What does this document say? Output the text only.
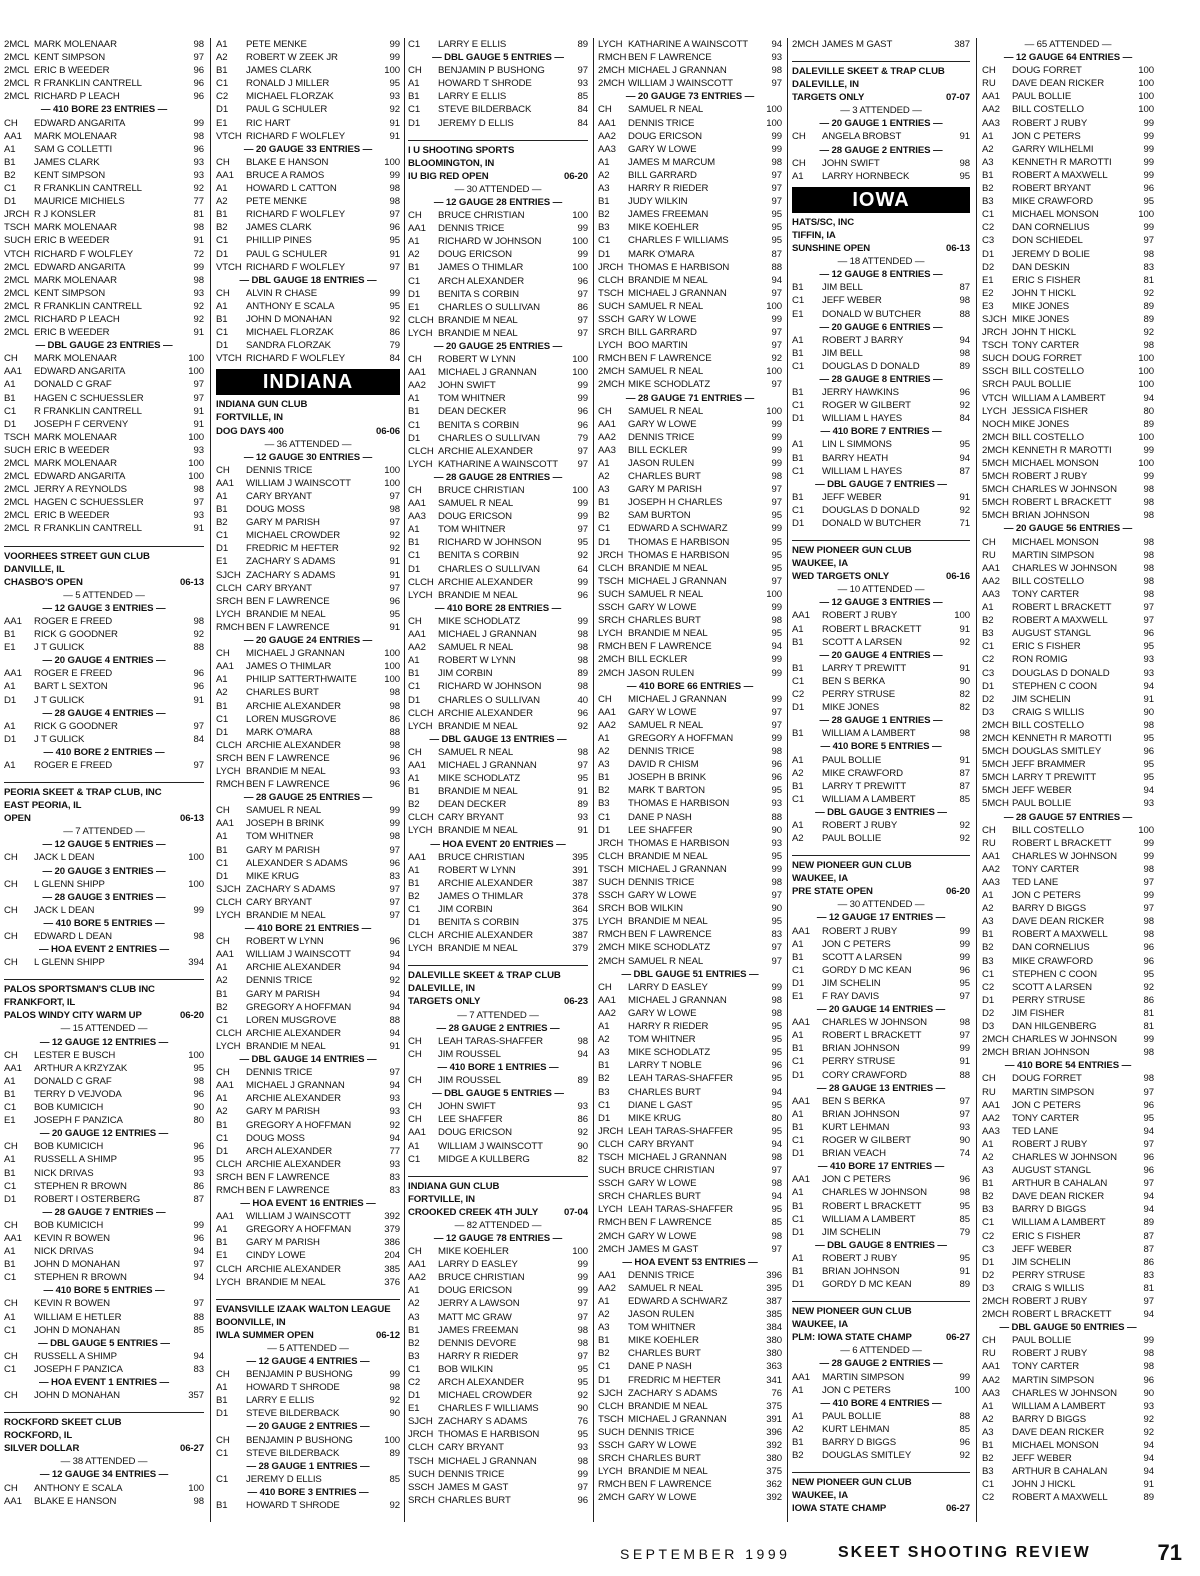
2MCL MARK MOLENAAR	98
2MCL KENT SIMPSON	97
2MCL ERIC B WEEDER	96
2MCL R FRANKLIN CANTRELL	96
2MCL RICHARD P LEACH	96
— 410 BORE 23 ENTRIES —
CH	EDWARD ANGARITA	99
AA1	MARK MOLENAAR	98
A1	SAM G COLLETTI	96
B1	JAMES CLARK	93
B2	KENT SIMPSON	93
C1	R FRANKLIN CANTRELL	92
D1	MAURICE MICHIELS	77
JRCH R J KONSLER	81
TSCH MARK MOLENAAR	98
SUCH ERIC B WEEDER	91
VTCH RICHARD F WOLFLEY	72
2MCL EDWARD ANGARITA	99
2MCL MARK MOLENAAR	98
2MCL KENT SIMPSON	93
2MCL R FRANKLIN CANTRELL	92
2MCL RICHARD P LEACH	92
2MCL ERIC B WEEDER	91
— DBL GAUGE 23 ENTRIES —
CH	MARK MOLENAAR	100
AA1	EDWARD ANGARITA	100
A1	DONALD C GRAF	97
B1	HAGEN C SCHUESSLER	97
C1	R FRANKLIN CANTRELL	91
D1	JOSEPH F CERVENY	91
TSCH MARK MOLENAAR	100
SUCH ERIC B WEEDER	93
2MCL MARK MOLENAAR	100
2MCL EDWARD ANGARITA	100
2MCL JERRY A REYNOLDS	98
2MCL HAGEN C SCHUESSLER	97
2MCL ERIC B WEEDER	93
2MCL R FRANKLIN CANTRELL	91
VOORHEES STREET GUN CLUB
DANVILLE, IL
CHASBO'S OPEN	06-13
— 5 ATTENDED —
— 12 GAUGE 3 ENTRIES —
AA1	ROGER E FREED	98
B1	RICK G GOODNER	92
E1	J T GULICK	88
— 20 GAUGE 4 ENTRIES —
AA1	ROGER E FREED	96
A1	BART L SEXTON	96
D1	J T GULICK	91
— 28 GAUGE 4 ENTRIES —
A1	RICK G GOODNER	97
D1	J T GULICK	84
— 410 BORE 2 ENTRIES —
A1	ROGER E FREED	97
PEORIA SKEET & TRAP CLUB, INC
EAST PEORIA, IL
OPEN	06-13
— 7 ATTENDED —
— 12 GAUGE 5 ENTRIES —
CH	JACK L DEAN	100
— 20 GAUGE 3 ENTRIES —
CH	L GLENN SHIPP	100
— 28 GAUGE 3 ENTRIES —
CH	JACK L DEAN	99
— 410 BORE 5 ENTRIES —
CH	EDWARD L DEAN	98
— HOA EVENT 2 ENTRIES —
CH	L GLENN SHIPP	394
PALOS SPORTSMAN'S CLUB INC
FRANKFORT, IL
PALOS WINDY CITY WARM UP	06-20
— 15 ATTENDED —
— 12 GAUGE 12 ENTRIES —
CH	LESTER E BUSCH	100
AA1	ARTHUR A KRZYZAK	95
A1	DONALD C GRAF	98
B1	TERRY D VEJVODA	96
C1	BOB KUMICICH	90
E1	JOSEPH F PANZICA	80
— 20 GAUGE 12 ENTRIES —
CH	BOB KUMICICH	96
A1	RUSSELL A SHIMP	95
B1	NICK DRIVAS	93
C1	STEPHEN R BROWN	86
D1	ROBERT I OSTERBERG	87
— 28 GAUGE 7 ENTRIES —
CH	BOB KUMICICH	99
AA1	KEVIN R BOWEN	96
A1	NICK DRIVAS	94
B1	JOHN D MONAHAN	97
C1	STEPHEN R BROWN	94
— 410 BORE 5 ENTRIES —
CH	KEVIN R BOWEN	97
A1	WILLIAM E HETLER	88
C1	JOHN D MONAHAN	85
— DBL GAUGE 5 ENTRIES —
CH	RUSSELL A SHIMP	94
C1	JOSEPH F PANZICA	83
— HOA EVENT 1 ENTRIES —
CH	JOHN D MONAHAN	357
ROCKFORD SKEET CLUB
ROCKFORD, IL
SILVER DOLLAR	06-27
— 38 ATTENDED —
— 12 GAUGE 34 ENTRIES —
CH	ANTHONY E SCALA	100
AA1	BLAKE E HANSON	98
A1	PETE MENKE	99
A2	ROBERT W ZEEK JR	99
B1	JAMES CLARK	100
C1	RONALD J MILLER	95
C2	MICHAEL FLORZAK	93
D1	PAUL G SCHULER	92
E1	RIC HART	91
VTCH RICHARD F WOLFLEY	91
— 20 GAUGE 33 ENTRIES —
CH	BLAKE E HANSON	100
AA1	BRUCE A RAMOS	99
A1	HOWARD L CATTON	98
A2	PETE MENKE	98
B1	RICHARD F WOLFLEY	97
B2	JAMES CLARK	96
C1	PHILLIP PINES	95
D1	PAUL G SCHULER	91
VTCH RICHARD F WOLFLEY	97
— DBL GAUGE 18 ENTRIES —
CH	ALVIN R CHASE	99
A1	ANTHONY E SCALA	95
B1	JOHN D MONAHAN	92
C1	MICHAEL FLORZAK	86
D1	SANDRA FLORZAK	79
VTCH RICHARD F WOLFLEY	84
INDIANA
INDIANA GUN CLUB
FORTVILLE, IN
DOG DAYS 400	06-06
— 36 ATTENDED —
— 12 GAUGE 30 ENTRIES —
CH	DENNIS TRICE	100
AA1	WILLIAM J WAINSCOTT	100
A1	CARY BRYANT	97
B1	DOUG MOSS	98
B2	GARY M PARISH	97
C1	MICHAEL CROWDER	92
D1	FREDRIC M HEFTER	92
E1	ZACHARY S ADAMS	91
SJCH ZACHARY S ADAMS	91
CLCH CARY BRYANT	97
SRCH BEN F LAWRENCE	96
LYCH BRANDIE M NEAL	95
RMCH BEN F LAWRENCE	91
— 20 GAUGE 24 ENTRIES —
CH	MICHAEL J GRANNAN	100
AA1	JAMES O THIMLAR	100
A1	PHILIP SATTERTHWAITE	100
A2	CHARLES BURT	98
B1	ARCHIE ALEXANDER	98
C1	LOREN MUSGROVE	86
D1	MARK O'MARA	88
CLCH ARCHIE ALEXANDER	98
SRCH BEN F LAWRENCE	96
LYCH BRANDIE M NEAL	93
RMCH BEN F LAWRENCE	96
— 28 GAUGE 25 ENTRIES —
CH	SAMUEL R NEAL	99
AA1	JOSEPH B BRINK	99
A1	TOM WHITNER	98
B1	GARY M PARISH	97
C1	ALEXANDER S ADAMS	96
D1	MIKE KRUG	83
SJCH ZACHARY S ADAMS	97
CLCH CARY BRYANT	97
LYCH BRANDIE M NEAL	97
— 410 BORE 21 ENTRIES —
CH	ROBERT W LYNN	96
AA1	WILLIAM J WAINSCOTT	94
A1	ARCHIE ALEXANDER	94
A2	DENNIS TRICE	92
B1	GARY M PARISH	94
B2	GREGORY A HOFFMAN	94
C1	LOREN MUSGROVE	88
CLCH ARCHIE ALEXANDER	94
LYCH BRANDIE M NEAL	91
— DBL GAUGE 14 ENTRIES —
CH	DENNIS TRICE	97
AA1	MICHAEL J GRANNAN	94
A1	ARCHIE ALEXANDER	93
A2	GARY M PARISH	93
B1	GREGORY A HOFFMAN	92
C1	DOUG MOSS	94
D1	ARCH ALEXANDER	77
CLCH ARCHIE ALEXANDER	93
SRCH BEN F LAWRENCE	83
RMCH BEN F LAWRENCE	83
— HOA EVENT 16 ENTRIES —
AA1	WILLIAM J WAINSCOTT	392
A1	GREGORY A HOFFMAN	379
B1	GARY M PARISH	386
E1	CINDY LOWE	204
CLCH ARCHIE ALEXANDER	385
LYCH BRANDIE M NEAL	376
EVANSVILLE IZAAK WALTON LEAGUE
BOONVILLE, IN
IWLA SUMMER OPEN	06-12
— 5 ATTENDED —
— 12 GAUGE 4 ENTRIES —
CH	BENJAMIN P BUSHONG	99
A1	HOWARD T SHRODE	98
B1	LARRY E ELLIS	92
D1	STEVE BILDERBACK	90
— 20 GAUGE 2 ENTRIES —
CH	BENJAMIN P BUSHONG	100
C1	STEVE BILDERBACK	89
— 28 GAUGE 1 ENTRIES —
C1	JEREMY D ELLIS	85
— 410 BORE 3 ENTRIES —
B1	HOWARD T SHRODE	92
C1	LARRY E ELLIS	89
— DBL GAUGE 5 ENTRIES —
CH	BENJAMIN P BUSHONG	97
A1	HOWARD T SHRODE	93
B1	LARRY E ELLIS	85
C1	STEVE BILDERBACK	84
D1	JEREMY D ELLIS	84
I U SHOOTING SPORTS
BLOOMINGTON, IN
IU BIG RED OPEN	06-20
— 30 ATTENDED —
— 12 GAUGE 28 ENTRIES —
CH	BRUCE CHRISTIAN	100
AA1	DENNIS TRICE	99
A1	RICHARD W JOHNSON	100
A2	DOUG ERICSON	99
B1	JAMES O THIMLAR	100
C1	ARCH ALEXANDER	96
D1	BENITA S CORBIN	97
E1	CHARLES O SULLIVAN	86
CLCH BRANDIE M NEAL	97
LYCH BRANDIE M NEAL	97
— 20 GAUGE 25 ENTRIES —
CH	ROBERT W LYNN	100
AA1	MICHAEL J GRANNAN	100
AA2	JOHN SWIFT	99
A1	TOM WHITNER	99
B1	DEAN DECKER	96
C1	BENITA S CORBIN	96
D1	CHARLES O SULLIVAN	79
CLCH ARCHIE ALEXANDER	97
LYCH KATHARINE A WAINSCOTT	97
— 28 GAUGE 28 ENTRIES —
CH	BRUCE CHRISTIAN	100
AA1	SAMUEL R NEAL	99
AA3	DOUG ERICSON	99
A1	TOM WHITNER	97
B1	RICHARD W JOHNSON	95
C1	BENITA S CORBIN	92
D1	CHARLES O SULLIVAN	64
CLCH ARCHIE ALEXANDER	99
LYCH BRANDIE M NEAL	96
— 410 BORE 28 ENTRIES —
CH	MIKE SCHODLATZ	99
AA1	MICHAEL J GRANNAN	98
AA2	SAMUEL R NEAL	98
A1	ROBERT W LYNN	98
B1	JIM CORBIN	89
C1	RICHARD W JOHNSON	98
D1	CHARLES O SULLIVAN	40
CLCH ARCHIE ALEXANDER	96
LYCH BRANDIE M NEAL	92
— DBL GAUGE 13 ENTRIES —
CH	SAMUEL R NEAL	98
AA1	MICHAEL J GRANNAN	97
A1	MIKE SCHODLATZ	95
B1	BRANDIE M NEAL	91
B2	DEAN DECKER	89
CLCH CARY BRYANT	93
LYCH BRANDIE M NEAL	91
— HOA EVENT 20 ENTRIES —
AA1	BRUCE CHRISTIAN	395
A1	ROBERT W LYNN	391
B1	ARCHIE ALEXANDER	387
B2	JAMES O THIMLAR	378
C1	JIM CORBIN	364
D1	BENITA S CORBIN	375
CLCH ARCHIE ALEXANDER	387
LYCH BRANDIE M NEAL	379
DALEVILLE SKEET & TRAP CLUB
DALEVILLE, IN
TARGETS ONLY	06-23
— 7 ATTENDED —
— 28 GAUGE 2 ENTRIES —
CH	LEAH TARAS-SHAFFER	98
CH	JIM ROUSSEL	94
— 410 BORE 1 ENTRIES —
CH	JIM ROUSSEL	89
— DBL GAUGE 5 ENTRIES —
CH	JOHN SWIFT	93
CH	LEE SHAFFER	86
AA1	DOUG ERICSON	92
A1	WILLIAM J WAINSCOTT	90
C1	MIDGE A KULLBERG	82
INDIANA GUN CLUB
FORTVILLE, IN
CROOKED CREEK 4TH JULY	07-04
— 82 ATTENDED —
— 12 GAUGE 78 ENTRIES —
CH	MIKE KOEHLER	100
AA1	LARRY D EASLEY	99
AA2	BRUCE CHRISTIAN	99
A1	DOUG ERICSON	99
A2	JERRY A LAWSON	97
A3	MATT MC GRAW	97
B1	JAMES FREEMAN	98
B2	DENNIS DEVORE	98
B3	HARRY R RIEDER	97
C1	BOB WILKIN	95
C2	ARCH ALEXANDER	95
D1	MICHAEL CROWDER	92
E1	CHARLES F WILLIAMS	90
SJCH ZACHARY S ADAMS	76
JRCH THOMAS E HARBISON	95
CLCH CARY BRYANT	93
TSCH MICHAEL J GRANNAN	98
SUCH DENNIS TRICE	99
SSCH JAMES M GAST	97
SRCH CHARLES BURT	96
LYCH KATHARINE A WAINSCOTT	94
RMCH BEN F LAWRENCE	93
2MCH MICHAEL J GRANNAN	98
2MCH WILLIAM J WAINSCOTT	97
— 20 GAUGE 73 ENTRIES —
CH	SAMUEL R NEAL	100
AA1	DENNIS TRICE	100
AA2	DOUG ERICSON	99
AA3	GARY W LOWE	99
A1	JAMES M MARCUM	98
A2	BILL GARRARD	97
A3	HARRY R RIEDER	97
B1	JUDY WILKIN	97
B2	JAMES FREEMAN	95
B3	MIKE KOEHLER	95
C1	CHARLES F WILLIAMS	95
D1	MARK O'MARA	87
JRCH THOMAS E HARBISON	88
CLCH BRANDIE M NEAL	94
TSCH MICHAEL J GRANNAN	97
SUCH SAMUEL R NEAL	100
SSCH GARY W LOWE	99
SRCH BILL GARRARD	97
LYCH BOO MARTIN	97
RMCH BEN F LAWRENCE	92
2MCH SAMUEL R NEAL	100
2MCH MIKE SCHODLATZ	97
— 28 GAUGE 71 ENTRIES —
CH	SAMUEL R NEAL	100
AA1	GARY W LOWE	99
AA2	DENNIS TRICE	99
AA3	BILL ECKLER	99
A1	JASON RULEN	99
A2	CHARLES BURT	98
A3	GARY M PARISH	97
B1	JOSEPH H CHARLES	97
B2	SAM BURTON	95
C1	EDWARD A SCHWARZ	99
D1	THOMAS E HARBISON	95
JRCH THOMAS E HARBISON	95
CLCH BRANDIE M NEAL	95
TSCH MICHAEL J GRANNAN	97
SUCH SAMUEL R NEAL	100
SSCH GARY W LOWE	99
SRCH CHARLES BURT	98
LYCH BRANDIE M NEAL	95
RMCH BEN F LAWRENCE	94
2MCH BILL ECKLER	99
2MCH JASON RULEN	99
— 410 BORE 66 ENTRIES —
CH	MICHAEL J GRANNAN	99
AA1	GARY W LOWE	97
AA2	SAMUEL R NEAL	97
A1	GREGORY A HOFFMAN	99
A2	DENNIS TRICE	98
A3	DAVID R CHISM	96
B1	JOSEPH B BRINK	96
B2	MARK T BARTON	95
B3	THOMAS E HARBISON	93
C1	DANE P NASH	88
D1	LEE SHAFFER	90
JRCH THOMAS E HARBISON	93
CLCH BRANDIE M NEAL	95
TSCH MICHAEL J GRANNAN	99
SUCH DENNIS TRICE	98
SSCH GARY W LOWE	97
SRCH BOB WILKIN	90
LYCH BRANDIE M NEAL	95
RMCH BEN F LAWRENCE	83
2MCH MIKE SCHODLATZ	97
2MCH SAMUEL R NEAL	97
— DBL GAUGE 51 ENTRIES —
CH	LARRY D EASLEY	99
AA1	MICHAEL J GRANNAN	98
AA2	GARY W LOWE	98
A1	HARRY R RIEDER	95
A2	TOM WHITNER	95
A3	MIKE SCHODLATZ	95
B1	LARRY T NOBLE	96
B2	LEAH TARAS-SHAFFER	95
B3	CHARLES BURT	94
C1	DIANE L GAST	95
D1	MIKE KRUG	80
JRCH LEAH TARAS-SHAFFER	95
CLCH CARY BRYANT	94
TSCH MICHAEL J GRANNAN	98
SUCH BRUCE CHRISTIAN	97
SSCH GARY W LOWE	98
SRCH CHARLES BURT	94
LYCH LEAH TARAS-SHAFFER	95
RMCH BEN F LAWRENCE	85
2MCH GARY W LOWE	98
2MCH JAMES M GAST	97
— HOA EVENT 53 ENTRIES —
AA1	DENNIS TRICE	396
AA2	SAMUEL R NEAL	395
A1	EDWARD A SCHWARZ	387
A2	JASON RULEN	385
A3	TOM WHITNER	384
B1	MIKE KOEHLER	380
B2	CHARLES BURT	380
C1	DANE P NASH	363
D1	FREDRIC M HEFTER	341
SJCH ZACHARY S ADAMS	76
CLCH BRANDIE M NEAL	375
TSCH MICHAEL J GRANNAN	391
SUCH DENNIS TRICE	396
SSCH GARY W LOWE	392
SRCH CHARLES BURT	380
LYCH BRANDIE M NEAL	375
RMCH BEN F LAWRENCE	362
2MCH GARY W LOWE	392
2MCH JAMES M GAST	387
DALEVILLE SKEET & TRAP CLUB
DALEVILLE, IN
TARGETS ONLY	07-07
— 3 ATTENDED —
— 20 GAUGE 1 ENTRIES —
CH	ANGELA BROBST	91
— 28 GAUGE 2 ENTRIES —
CH	JOHN SWIFT	98
A1	LARRY HORNBECK	95
IOWA
HATS/SC, INC
TIFFIN, IA
SUNSHINE OPEN	06-13
— 18 ATTENDED —
— 12 GAUGE 8 ENTRIES —
B1	JIM BELL	87
C1	JEFF WEBER	98
E1	DONALD W BUTCHER	88
— 20 GAUGE 6 ENTRIES —
A1	ROBERT J BARRY	94
B1	JIM BELL	98
C1	DOUGLAS D DONALD	89
— 28 GAUGE 8 ENTRIES —
B1	JERRY HAWKINS	96
C1	ROGER W GILBERT	92
D1	WILLIAM L HAYES	84
— 410 BORE 7 ENTRIES —
A1	LIN L SIMMONS	95
B1	BARRY HEATH	94
C1	WILLIAM L HAYES	87
— DBL GAUGE 7 ENTRIES —
B1	JEFF WEBER	91
C1	DOUGLAS D DONALD	92
D1	DONALD W BUTCHER	71
NEW PIONEER GUN CLUB
WAUKEE, IA
WED TARGETS ONLY	06-16
— 10 ATTENDED —
— 12 GAUGE 3 ENTRIES —
AA1	ROBERT J RUBY	100
A1	ROBERT L BRACKETT	91
B1	SCOTT A LARSEN	92
— 20 GAUGE 4 ENTRIES —
B1	LARRY T PREWITT	91
C1	BEN S BERKA	90
C2	PERRY STRUSE	82
D1	MIKE JONES	82
— 28 GAUGE 1 ENTRIES —
B1	WILLIAM A LAMBERT	98
— 410 BORE 5 ENTRIES —
A1	PAUL BOLLIE	91
A2	MIKE CRAWFORD	87
B1	LARRY T PREWITT	87
C1	WILLIAM A LAMBERT	85
— DBL GAUGE 3 ENTRIES —
A1	ROBERT J RUBY	92
A2	PAUL BOLLIE	92
NEW PIONEER GUN CLUB
WAUKEE, IA
PRE STATE OPEN	06-20
— 30 ATTENDED —
— 12 GAUGE 17 ENTRIES —
AA1	ROBERT J RUBY	99
A1	JON C PETERS	99
B1	SCOTT A LARSEN	99
C1	GORDY D MC KEAN	96
D1	JIM SCHELIN	95
E1	F RAY DAVIS	97
— 20 GAUGE 14 ENTRIES —
AA1	CHARLES W JOHNSON	98
A1	ROBERT L BRACKETT	97
B1	BRIAN JOHNSON	99
C1	PERRY STRUSE	91
D1	CORY CRAWFORD	88
— 28 GAUGE 13 ENTRIES —
AA1	BEN S BERKA	97
A1	BRIAN JOHNSON	97
B1	KURT LEHMAN	93
C1	ROGER W GILBERT	90
D1	BRIAN VEACH	74
— 410 BORE 17 ENTRIES —
AA1	JON C PETERS	96
A1	CHARLES W JOHNSON	98
B1	ROBERT L BRACKETT	95
C1	WILLIAM A LAMBERT	85
D1	JIM SCHELIN	79
— DBL GAUGE 8 ENTRIES —
A1	ROBERT J RUBY	95
B1	BRIAN JOHNSON	91
D1	GORDY D MC KEAN	89
NEW PIONEER GUN CLUB
WAUKEE, IA
PLM: IOWA STATE CHAMP	06-27
— 6 ATTENDED —
— 28 GAUGE 2 ENTRIES —
AA1	MARTIN SIMPSON	99
A1	JON C PETERS	100
— 410 BORE 4 ENTRIES —
A1	PAUL BOLLIE	88
A2	KURT LEHMAN	85
B1	BARRY D BIGGS	96
B2	DOUGLAS SMITLEY	92
NEW PIONEER GUN CLUB
WAUKEE, IA
IOWA STATE CHAMP	06-27
— 65 ATTENDED —
— 12 GAUGE 64 ENTRIES —
CH	DOUG FORRET	100
RU	DAVE DEAN RICKER	100
AA1	PAUL BOLLIE	100
AA2	BILL COSTELLO	100
AA3	ROBERT J RUBY	99
A1	JON C PETERS	99
A2	GARRY WILHELMI	99
A3	KENNETH R MAROTTI	99
B1	ROBERT A MAXWELL	99
B2	ROBERT BRYANT	96
B3	MIKE CRAWFORD	95
C1	MICHAEL MONSON	100
C2	DAN CORNELIUS	99
C3	DON SCHIEDEL	97
D1	JEREMY D BOLIE	98
D2	DAN DESKIN	83
E1	ERIC S FISHER	81
E2	JOHN T HICKL	92
E3	MIKE JONES	89
SJCH MIKE JONES	89
JRCH JOHN T HICKL	92
TSCH TONY CARTER	98
SUCH DOUG FORRET	100
SSCH BILL COSTELLO	100
SRCH PAUL BOLLIE	100
VTCH WILLIAM A LAMBERT	94
LYCH JESSICA FISHER	80
NOCH MIKE JONES	89
2MCH BILL COSTELLO	100
2MCH KENNETH R MAROTTI	99
5MCH MICHAEL MONSON	100
5MCH ROBERT J RUBY	99
5MCH CHARLES W JOHNSON	98
5MCH ROBERT L BRACKETT	98
5MCH BRIAN JOHNSON	98
— 20 GAUGE 56 ENTRIES —
CH	MICHAEL MONSON	98
RU	MARTIN SIMPSON	98
AA1	CHARLES W JOHNSON	98
AA2	BILL COSTELLO	98
AA3	TONY CARTER	98
A1	ROBERT L BRACKETT	97
B2	ROBERT A MAXWELL	97
B3	AUGUST STANGL	96
C1	ERIC S FISHER	95
C2	RON ROMIG	93
C3	DOUGLAS D DONALD	93
D1	STEPHEN C COON	94
D2	JIM SCHELIN	91
D3	CRAIG S WILLIS	90
2MCH BILL COSTELLO	98
2MCH KENNETH R MAROTTI	95
5MCH DOUGLAS SMITLEY	96
5MCH JEFF BRAMMER	95
5MCH LARRY T PREWITT	95
5MCH JEFF WEBER	94
5MCH PAUL BOLLIE	93
— 28 GAUGE 57 ENTRIES —
CH	BILL COSTELLO	100
RU	ROBERT L BRACKETT	99
AA1	CHARLES W JOHNSON	99
AA2	TONY CARTER	98
AA3	TED LANE	97
A1	JON C PETERS	99
A2	BARRY D BIGGS	97
A3	DAVE DEAN RICKER	98
B1	ROBERT A MAXWELL	98
B2	DAN CORNELIUS	96
B3	MIKE CRAWFORD	96
C1	STEPHEN C COON	95
C2	SCOTT A LARSEN	92
D1	PERRY STRUSE	86
D2	JIM FISHER	81
D3	DAN HILGENBERG	81
2MCH CHARLES W JOHNSON	99
2MCH BRIAN JOHNSON	98
— 410 BORE 54 ENTRIES —
CH	DOUG FORRET	98
RU	MARTIN SIMPSON	97
AA1	JON C PETERS	96
AA2	TONY CARTER	95
AA3	TED LANE	94
A1	ROBERT J RUBY	97
A2	CHARLES W JOHNSON	96
A3	AUGUST STANGL	96
B1	ARTHUR B CAHALAN	97
B2	DAVE DEAN RICKER	94
B3	BARRY D BIGGS	94
C1	WILLIAM A LAMBERT	89
C2	ERIC S FISHER	87
C3	JEFF WEBER	87
D1	JIM SCHELIN	86
D2	PERRY STRUSE	83
D3	CRAIG S WILLIS	81
2MCH ROBERT J RUBY	97
2MCH ROBERT L BRACKETT	94
— DBL GAUGE 50 ENTRIES —
CH	PAUL BOLLIE	99
RU	ROBERT J RUBY	98
AA1	TONY CARTER	98
AA2	MARTIN SIMPSON	96
AA3	CHARLES W JOHNSON	90
A1	WILLIAM A LAMBERT	93
A2	BARRY D BIGGS	92
A3	DAVE DEAN RICKER	92
B1	MICHAEL MONSON	94
B2	JEFF WEBER	94
B3	ARTHUR B CAHALAN	94
C1	JOHN J HICKL	91
C2	ROBERT A MAXWELL	89
SEPTEMBER 1999	SKEET SHOOTING REVIEW	71
